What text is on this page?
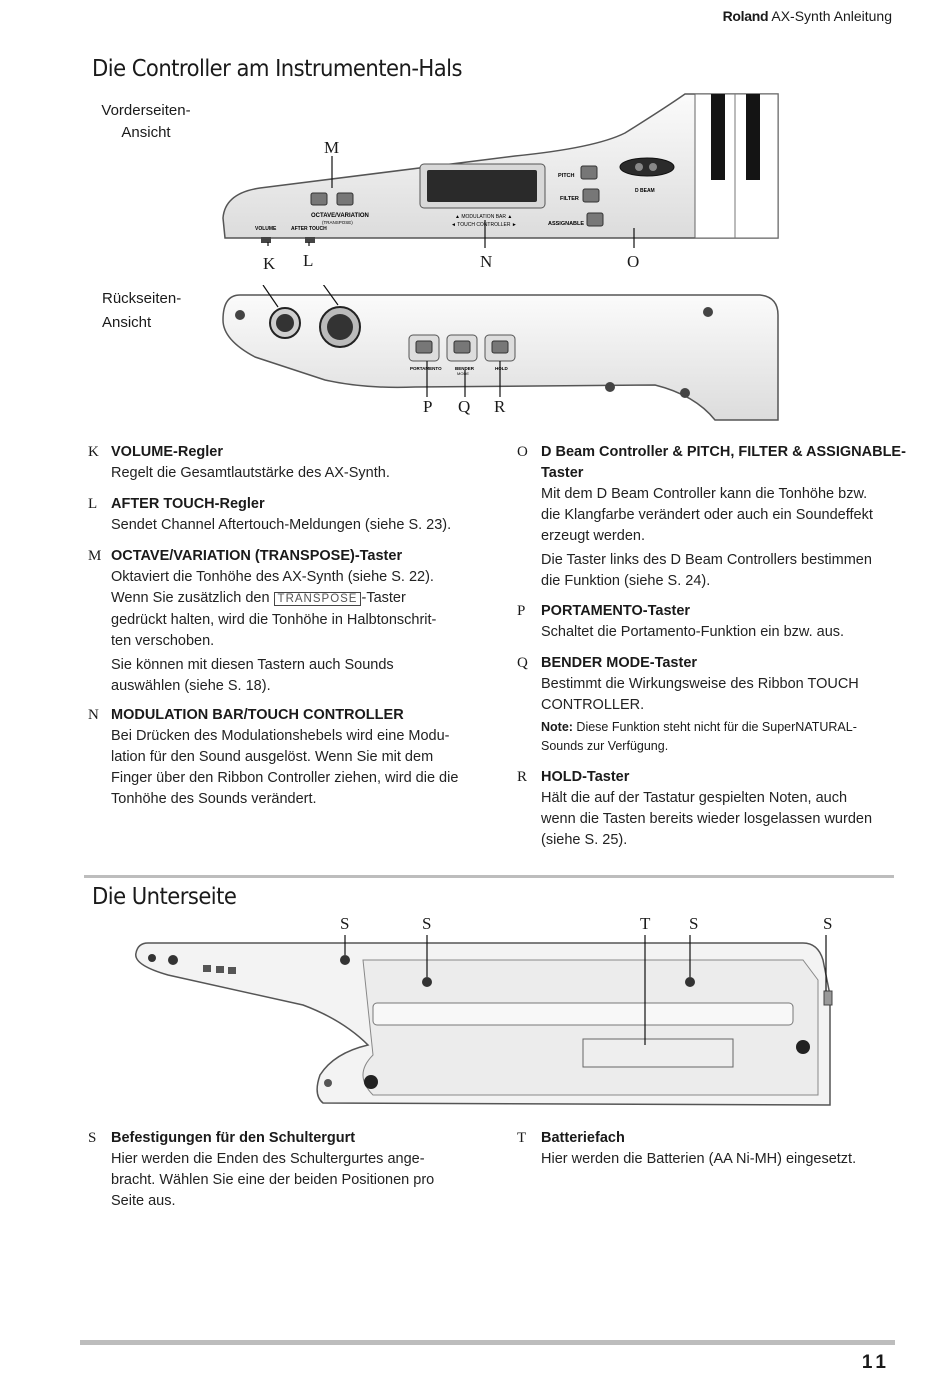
Roland AX-Synth Anleitung
Die Controller am Instrumenten-Hals
Vorderseiten-
Ansicht
VOLUME	AFTER TOUCH
OCTAVE/VARIATION
(TRANSPOSE)
▲ MODULATION BAR ▲
◄ TOUCH CONTROLLER ►
PITCH
FILTER
ASSIGNABLE
D BEAM
M
K L	N	O
Rückseiten-
Ansicht
PORTAMENTO	BENDER
MODE
HOLD
P Q R
K VOLUME-Regler
Regelt die Gesamtlautstärke des AX-Synth.
L AFTER TOUCH-Regler
Sendet Channel Aftertouch-Meldungen (siehe S. 23).
M OCTAVE/VARIATION (TRANSPOSE)-Taster
Oktaviert die Tonhöhe des AX-Synth (siehe S. 22).
Wenn Sie zusätzlich den TRANSPOSE -Taster
gedrückt halten, wird die Tonhöhe in Halbtonschrit-
ten verschoben.
Sie können mit diesen Tastern auch Sounds
auswählen (siehe S. 18).
N MODULATION BAR/TOUCH CONTROLLER
Bei Drücken des Modulationshebels wird eine Modu-
lation für den Sound ausgelöst. Wenn Sie mit dem
Finger über den Ribbon Controller ziehen, wird die die
Tonhöhe des Sounds verändert.
O D Beam Controller & PITCH, FILTER & ASSIGNABLE-
Taster
Mit dem D Beam Controller kann die Tonhöhe bzw.
die Klangfarbe verändert oder auch ein Soundeffekt
erzeugt werden.
Die Taster links des D Beam Controllers bestimmen
die Funktion (siehe S. 24).
P PORTAMENTO-Taster
Schaltet die Portamento-Funktion ein bzw. aus.
Q BENDER MODE-Taster
Bestimmt die Wirkungsweise des Ribbon TOUCH
CONTROLLER.
Note: Diese Funktion steht nicht für die SuperNATURAL-
Sounds zur Verfügung.
R HOLD-Taster
Hält die auf der Tastatur gespielten Noten, auch
wenn die Tasten bereits wieder losgelassen wurden
(siehe S. 25).
Die Unterseite
S	S	T S	S
S Befestigungen für den Schultergurt
Hier werden die Enden des Schultergurtes ange-
bracht. Wählen Sie eine der beiden Positionen pro
Seite aus.
T Batteriefach
Hier werden die Batterien (AA Ni-MH) eingesetzt.
11
